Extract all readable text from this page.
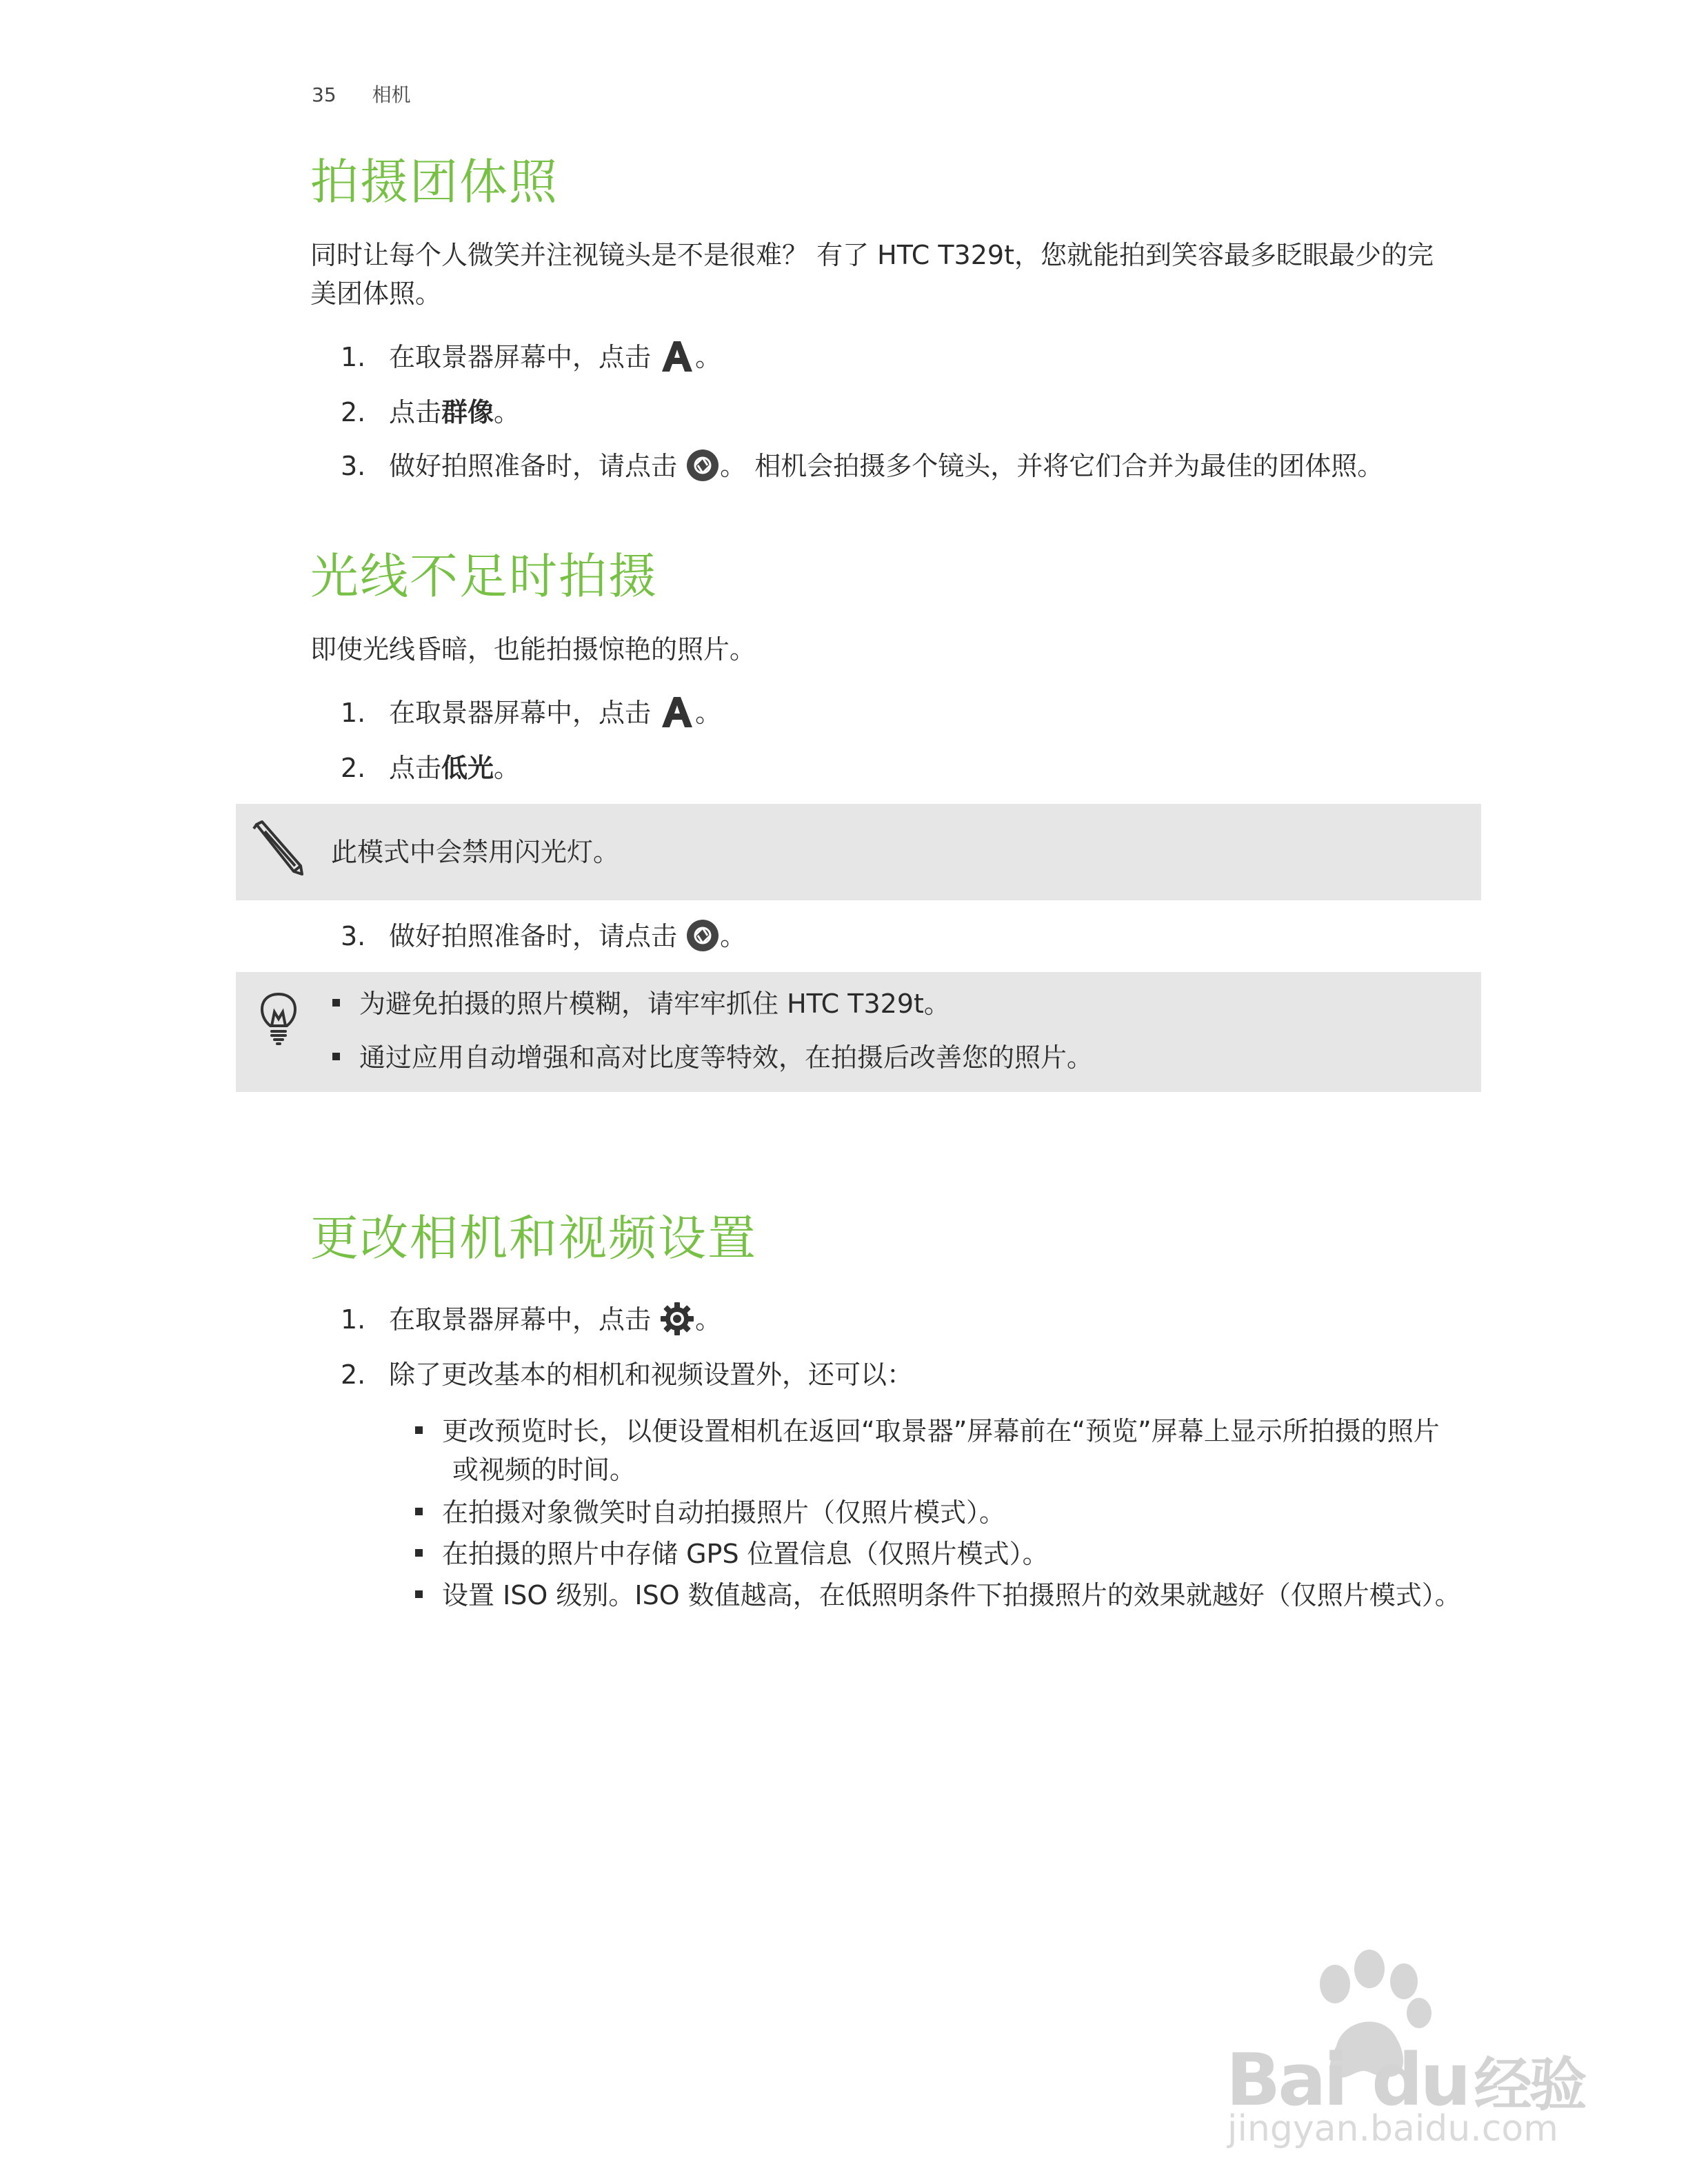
35 相机
拍摄团体照
同时让每个人微笑并注视镜头是不是很难？ 有了 HTC T329t，您就能拍到笑容最多眨眼最少的完
美团体照。
1. 在取景器屏幕中，点击 。
2. 点击群像。
3. 做好拍照准备时，请点击 。 相机会拍摄多个镜头，并将它们合并为最佳的团体照。
光线不足时拍摄
即使光线昏暗，也能拍摄惊艳的照片。
1. 在取景器屏幕中，点击 。
2. 点击低光。
此模式中会禁用闪光灯。
3. 做好拍照准备时，请点击 。
为避免拍摄的照片模糊，请牢牢抓住 HTC T329t。
通过应用自动增强和高对比度等特效，在拍摄后改善您的照片。
更改相机和视频设置
1. 在取景器屏幕中，点击 。
2. 除了更改基本的相机和视频设置外，还可以：
更改预览时长，以便设置相机在返回“取景器”屏幕前在“预览”屏幕上显示所拍摄的照片
或视频的时间。
在拍摄对象微笑时自动拍摄照片（仅照片模式）。
在拍摄的照片中存储 GPS 位置信息（仅照片模式）。
设置 ISO 级别。ISO 数值越高，在低照明条件下拍摄照片的效果就越好（仅照片模式）。
Bai du经验
jingyan.baidu.com
